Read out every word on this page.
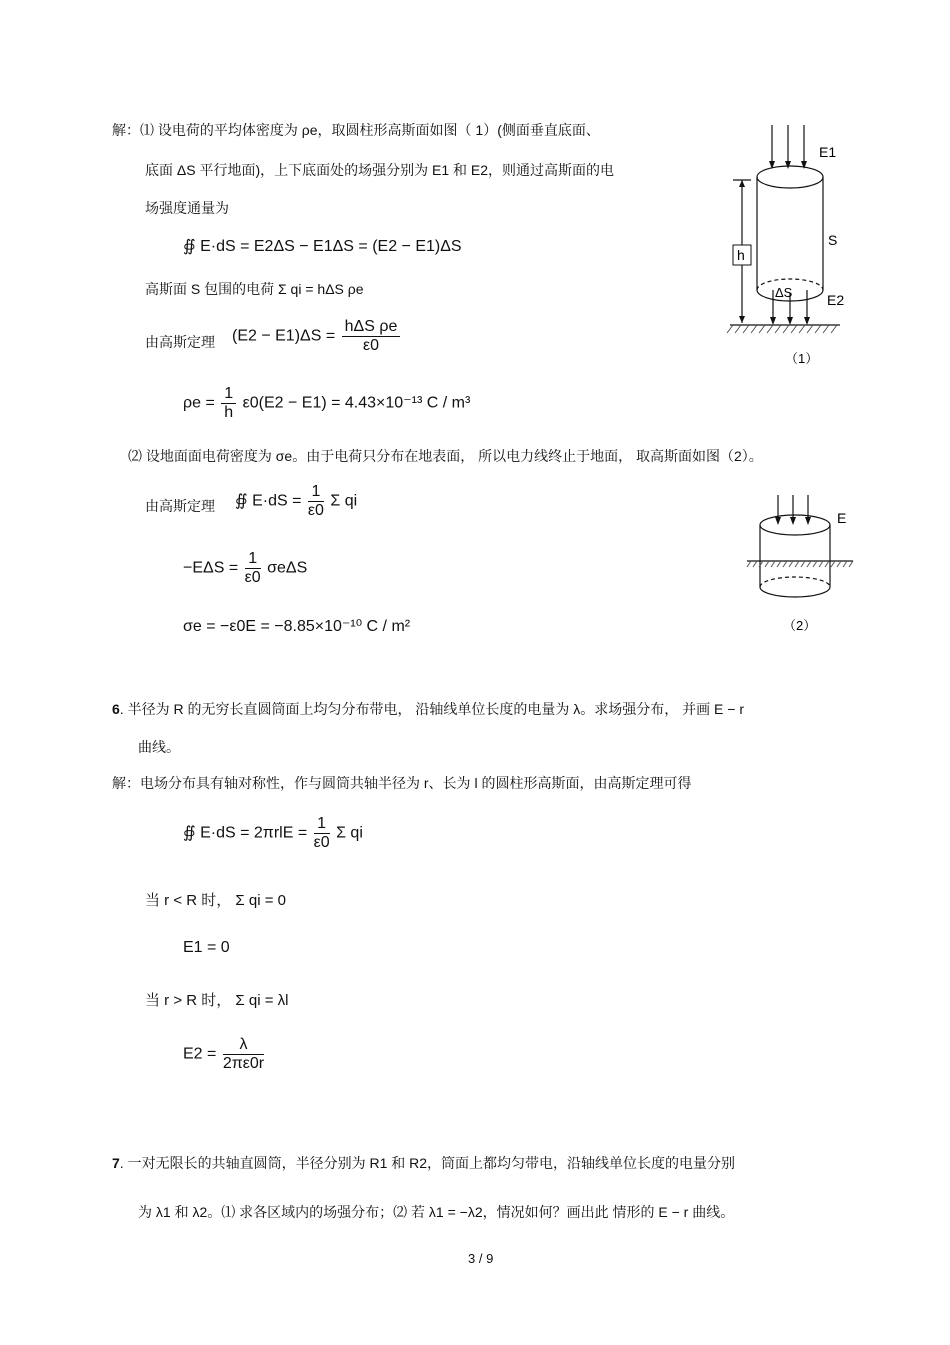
解：⑴ 设电荷的平均体密度为 ρe，取圆柱形高斯面如图（ 1）(侧面垂直底面、
底面 ΔS 平行地面)，上下底面处的场强分别为 E1 和 E2，则通过高斯面的电
场强度通量为
∯ E·dS = E2ΔS − E1ΔS = (E2 − E1)ΔS
高斯面 S 包围的电荷 Σ qi = hΔS ρe
由高斯定理 $(E2 - E1)\Delta S = \frac{\text{hΔS ρe}}{\varepsilon 0}$
$\rho e = \frac{1}{h} \varepsilon 0(E2 - E1) = 4.43\times 10^{-13}$ C / m³
⑵ 设地面面电荷密度为 σe。由于电荷只分布在地表面， 所以电力线终止于地面， 取高斯面如图（2）。
由高斯定理 ∯ $E\cdot dS = \frac{1}{\varepsilon 0}$ Σ qi
$-E\Delta S = \frac{1}{\varepsilon 0}$ σeΔS
σe = −ε0E = −8.85×10⁻¹⁰ C / m²
h
E1
S
ΔS E2
（1）
E
（2）
6. 半径为 R 的无穷长直圆筒面上均匀分布带电， 沿轴线单位长度的电量为 λ。求场强分布， 并画 E − r
曲线。
解：电场分布具有轴对称性，作与圆筒共轴半径为 r、长为 l 的圆柱形高斯面，由高斯定理可得
∯ $E\cdot dS = 2\pi rlE = \frac{1}{\varepsilon 0}$ Σ qi
当 r < R 时， Σ qi = 0
E1 = 0
当 r > R 时， Σ qi = λl
$E2 = \frac{\lambda}{2\pi\varepsilon 0r}$
7. 一对无限长的共轴直圆筒，半径分别为 R1 和 R2，筒面上都均匀带电，沿轴线单位长度的电量分别
为 λ1 和 λ2。⑴ 求各区域内的场强分布；⑵ 若 λ1 = −λ2，情况如何？画出此 情形的 E − r 曲线。
3 / 9
